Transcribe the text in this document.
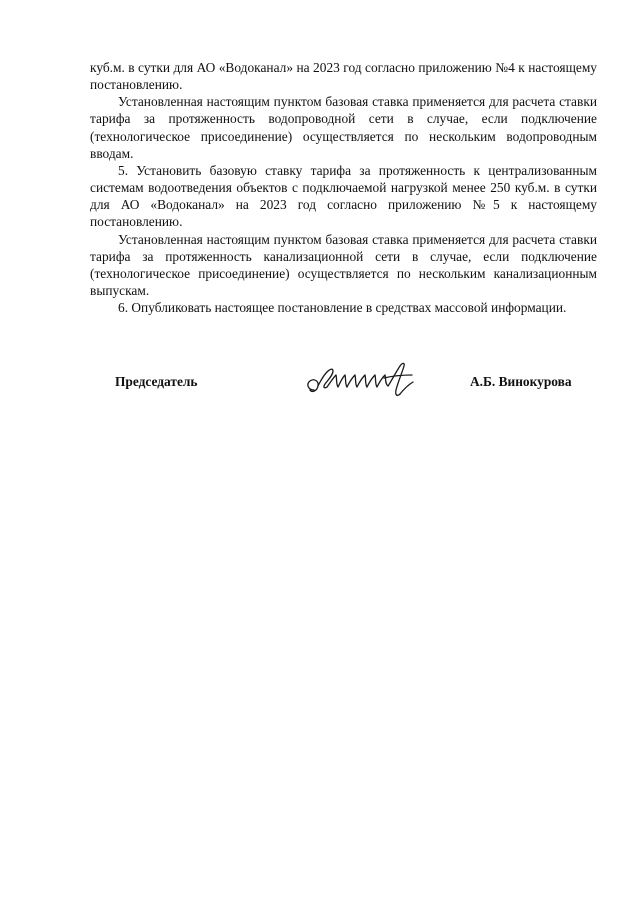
куб.м. в сутки для АО «Водоканал» на 2023 год согласно приложению №4 к настоящему постановлению.

Установленная настоящим пунктом базовая ставка применяется для расчета ставки тарифа за протяженность водопроводной сети в случае, если подключение (технологическое присоединение) осуществляется по нескольким водопроводным вводам.

5. Установить базовую ставку тарифа за протяженность к централизованным системам водоотведения объектов с подключаемой нагрузкой менее 250 куб.м. в сутки для АО «Водоканал» на 2023 год согласно приложению №5 к настоящему постановлению.

Установленная настоящим пунктом базовая ставка применяется для расчета ставки тарифа за протяженность канализационной сети в случае, если подключение (технологическое присоединение) осуществляется по нескольким канализационным выпускам.

6. Опубликовать настоящее постановление в средствах массовой информации.

Председатель	А.Б. Винокурова
